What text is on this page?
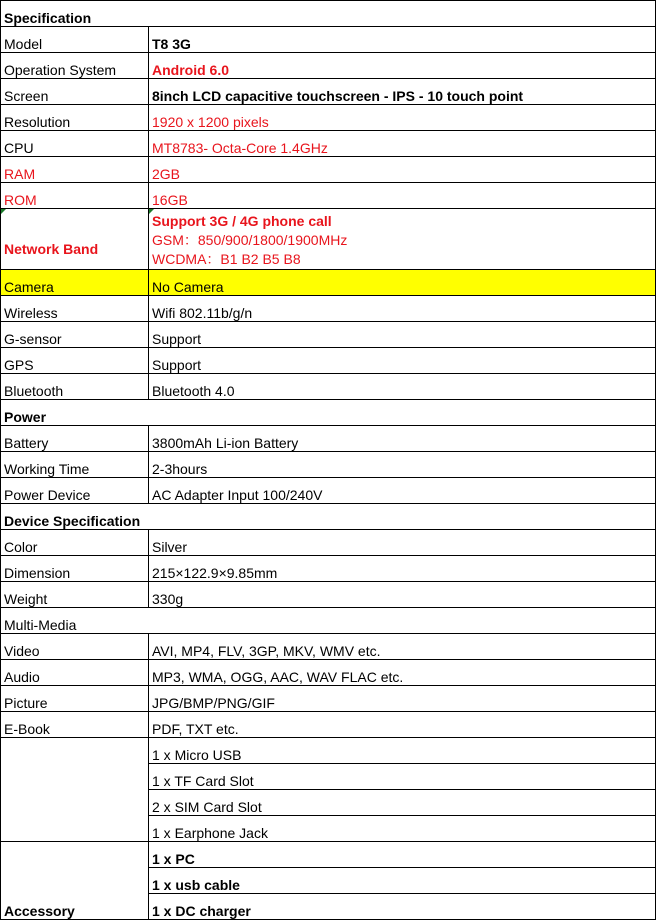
Specification	
Model	T8 3G
Operation System	Android 6.0
Screen	8inch LCD capacitive touchscreen - IPS - 10 touch point
Resolution	1920 x 1200 pixels
CPU	MT8783- Octa-Core 1.4GHz
RAM	2GB
ROM	16GB

Network Band	Support 3G / 4G phone call
GSM：850/900/1800/1900MHz
WCDMA：B1 B2 B5 B8

Camera	No Camera
Wireless	Wifi 802.11b/g/n
G-sensor	Support
GPS	Support
Bluetooth	Bluetooth 4.0
Power	
Battery	3800mAh Li-ion Battery
Working Time	2-3hours
Power Device	AC Adapter Input 100/240V
Device Specification	
Color	Silver
Dimension	215×122.9×9.85mm
Weight	330g
Multi-Media	
Video	AVI, MP4, FLV, 3GP, MKV, WMV etc.
Audio	MP3, WMA, OGG, AAC, WAV FLAC etc.
Picture	JPG/BMP/PNG/GIF
E-Book	PDF, TXT etc.
	1 x Micro USB
	1 x TF Card Slot
	2 x SIM Card Slot
	1 x Earphone Jack
Accessory	1 x PC
	1 x usb cable
	1 x DC charger
